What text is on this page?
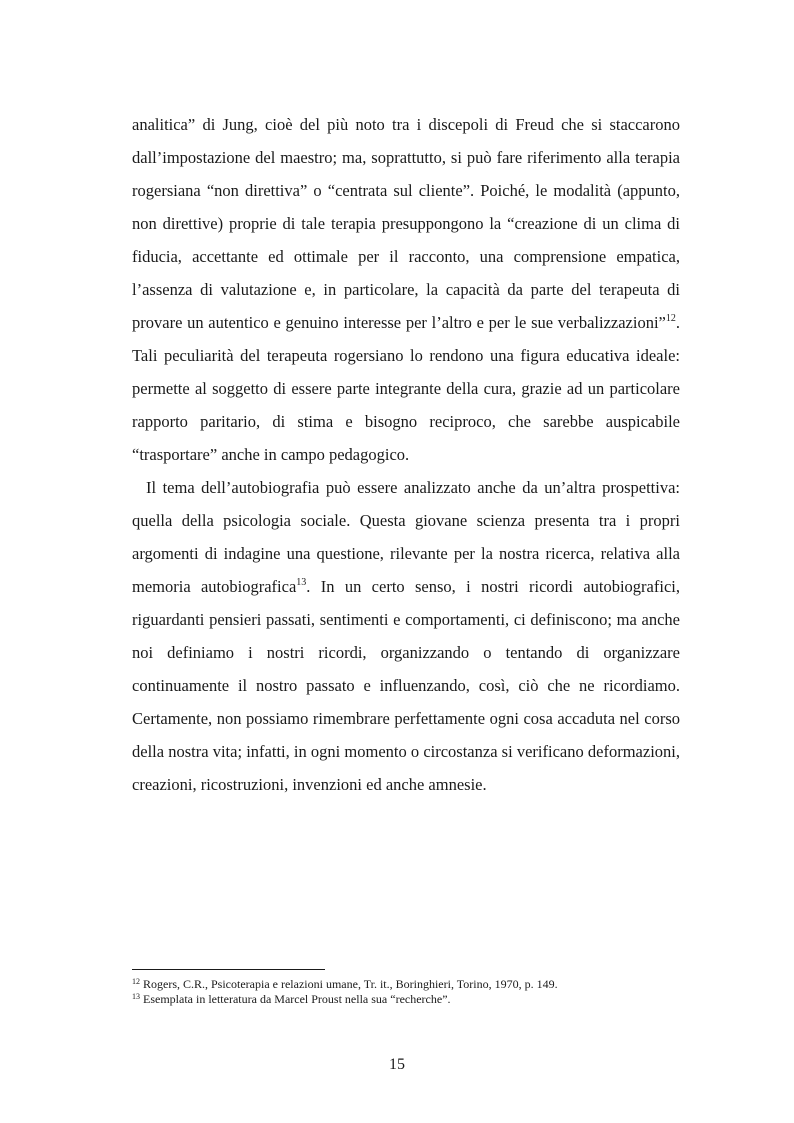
analitica” di Jung, cioè del più noto tra i discepoli di Freud che si staccarono dall’impostazione del maestro; ma, soprattutto, si può fare riferimento alla terapia rogersiana “non direttiva” o “centrata sul cliente”. Poiché, le modalità (appunto, non direttive) proprie di tale terapia presuppongono la “creazione di un clima di fiducia, accettante ed ottimale per il racconto, una comprensione empatica, l’assenza di valutazione e, in particolare, la capacità da parte del terapeuta di provare un autentico e genuino interesse per l’altro e per le sue verbalizzazioni”$^{12}$. Tali peculiarità del terapeuta rogersiano lo rendono una figura educativa ideale: permette al soggetto di essere parte integrante della cura, grazie ad un particolare rapporto paritario, di stima e bisogno reciproco, che sarebbe auspicabile “trasportare” anche in campo pedagogico.

Il tema dell’autobiografia può essere analizzato anche da un’altra prospettiva: quella della psicologia sociale. Questa giovane scienza presenta tra i propri argomenti di indagine una questione, rilevante per la nostra ricerca, relativa alla memoria autobiografica$^{13}$. In un certo senso, i nostri ricordi autobiografici, riguardanti pensieri passati, sentimenti e comportamenti, ci definiscono; ma anche noi definiamo i nostri ricordi, organizzando o tentando di organizzare continuamente il nostro passato e influenzando, così, ciò che ne ricordiamo. Certamente, non possiamo rimembrare perfettamente ogni cosa accaduta nel corso della nostra vita; infatti, in ogni momento o circostanza si verificano deformazioni, creazioni, ricostruzioni, invenzioni ed anche amnesie.

$^{12}$ Rogers, C.R., Psicoterapia e relazioni umane, Tr. it., Boringhieri, Torino, 1970, p. 149.
$^{13}$ Esemplata in letteratura da Marcel Proust nella sua “recherche”.
15
